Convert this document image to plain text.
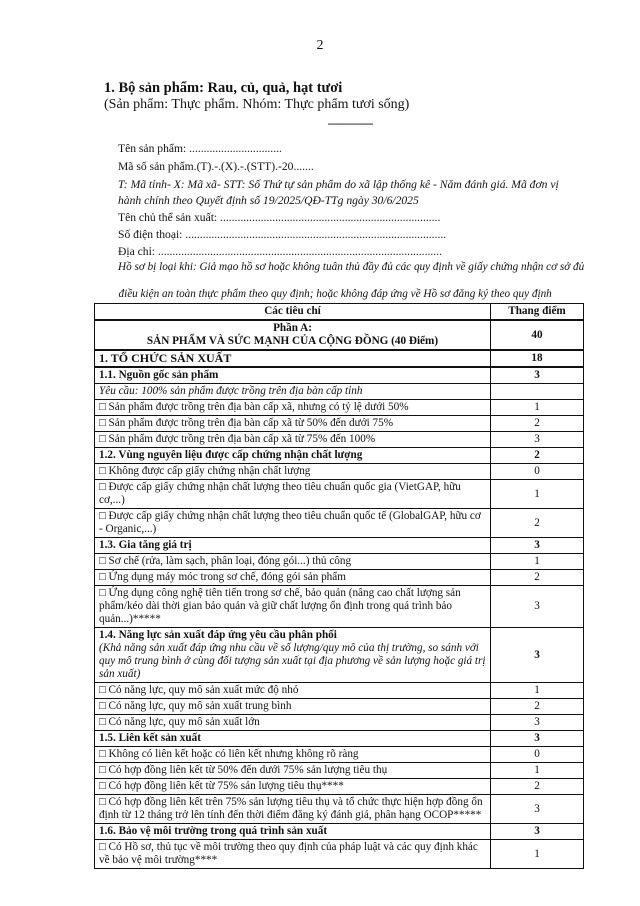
2
1. Bộ sản phẩm: Rau, củ, quả, hạt tươi
(Sản phẩm: Thực phẩm. Nhóm: Thực phẩm tươi sống)
---------------
Tên sản phẩm: ................................
Mã số sản phẩm.(T).-.(X).-.(STT).-20.......
T: Mã tỉnh- X: Mã xã- STT: Số Thứ tự sản phẩm do xã lập thống kê - Năm đánh giá. Mã đơn vị
hành chính theo Quyết định số 19/2025/QĐ-TTg ngày 30/6/2025
Tên chủ thể sản xuất: ............................................................................
Số điện thoại: ..........................................................................................
Địa chỉ: ..................................................................................................
Hồ sơ bị loại khi: Giả mạo hồ sơ hoặc không tuân thủ đầy đủ các quy định về giấy chứng nhận cơ sở đủ
điều kiện an toàn thực phẩm theo quy định; hoặc không đáp ứng về Hồ sơ đăng ký theo quy định	
Các tiêu chí	Thang điểm

Phần A:
SẢN PHẨM VÀ SỨC MẠNH CỦA CỘNG ĐỒNG (40 Điểm)	40
1. TỔ CHỨC SẢN XUẤT	18
1.1. Nguồn gốc sản phẩm	3
Yêu cầu: 100% sản phẩm được trồng trên địa bàn cấp tỉnh	
□ Sản phẩm được trồng trên địa bàn cấp xã, nhưng có tỷ lệ dưới 50%	1
□ Sản phẩm được trồng trên địa bàn cấp xã từ 50% đến dưới 75%	2
□ Sản phẩm được trồng trên địa bàn cấp xã từ 75% đến 100%	3
1.2. Vùng nguyên liệu được cấp chứng nhận chất lượng	2
□ Không được cấp giấy chứng nhận chất lượng	0
□ Được cấp giấy chứng nhận chất lượng theo tiêu chuẩn quốc gia (VietGAP, hữu cơ,...)	1
□ Được cấp giấy chứng nhận chất lượng theo tiêu chuẩn quốc tế (GlobalGAP, hữu cơ - Organic,...)	2
1.3. Gia tăng giá trị	3
□ Sơ chế (rửa, làm sạch, phân loại, đóng gói...) thủ công	1
□ Ứng dụng máy móc trong sơ chế, đóng gói sản phẩm	2
□ Ứng dụng công nghệ tiên tiến trong sơ chế, bảo quản (nâng cao chất lượng sản phẩm/kéo dài thời gian bảo quản và giữ chất lượng ổn định trong quá trình bảo quản...)*****	3

1.4. Năng lực sản xuất đáp ứng yêu cầu phân phối
(Khả năng sản xuất đáp ứng nhu cầu về số lượng/quy mô của thị trường, so sánh với quy mô trung bình ở cùng đối tượng sản xuất tại địa phương về sản lượng hoặc giá trị sản xuất)	3
□ Có năng lực, quy mô sản xuất mức độ nhỏ	1
□ Có năng lực, quy mô sản xuất trung bình	2
□ Có năng lực, quy mô sản xuất lớn	3
1.5. Liên kết sản xuất	3
□ Không có liên kết hoặc có liên kết nhưng không rõ ràng	0
□ Có hợp đồng liên kết từ 50% đến dưới 75% sản lượng tiêu thụ	1
□ Có hợp đồng liên kết từ 75% sản lượng tiêu thụ****	2
□ Có hợp đồng liên kết trên 75% sản lượng tiêu thụ và tổ chức thực hiện hợp đồng ổn định từ 12 tháng trở lên tính đến thời điểm đăng ký đánh giá, phân hạng OCOP*****	3
1.6. Bảo vệ môi trường trong quá trình sản xuất	3
□ Có Hồ sơ, thủ tục về môi trường theo quy định của pháp luật và các quy định khác về bảo vệ môi trường****	1
